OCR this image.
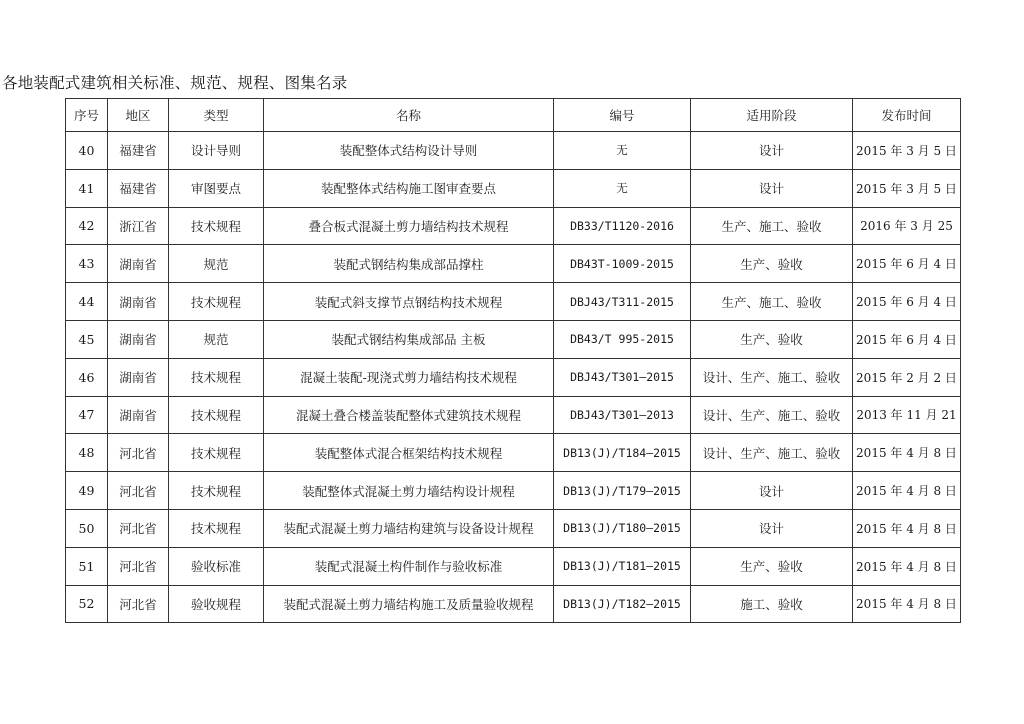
各地装配式建筑相关标准、规范、规程、图集名录
序号	地区	类型	名称	编号	适用阶段	发布时间
40	福建省	设计导则	装配整体式结构设计导则	无	设计	2015 年 3 月 5 日
41	福建省	审图要点	装配整体式结构施工图审查要点	无	设计	2015 年 3 月 5 日
42	浙江省	技术规程	叠合板式混凝土剪力墙结构技术规程	DB33/T1120-2016	生产、施工、验收	2016 年 3 月 25
43	湖南省	规范	装配式钢结构集成部品撑柱	DB43T-1009-2015	生产、验收	2015 年 6 月 4 日
44	湖南省	技术规程	装配式斜支撑节点钢结构技术规程	DBJ43/T311-2015	生产、施工、验收	2015 年 6 月 4 日
45	湖南省	规范	装配式钢结构集成部品 主板	DB43/T 995-2015	生产、验收	2015 年 6 月 4 日
46	湖南省	技术规程	混凝土装配-现浇式剪力墙结构技术规程	DBJ43/T301—2015	设计、生产、施工、验收	2015 年 2 月 2 日
47	湖南省	技术规程	混凝土叠合楼盖装配整体式建筑技术规程	DBJ43/T301—2013	设计、生产、施工、验收	2013 年 11 月 21
48	河北省	技术规程	装配整体式混合框架结构技术规程	DB13(J)/T184—2015	设计、生产、施工、验收	2015 年 4 月 8 日
49	河北省	技术规程	装配整体式混凝土剪力墙结构设计规程	DB13(J)/T179—2015	设计	2015 年 4 月 8 日
50	河北省	技术规程	装配式混凝土剪力墙结构建筑与设备设计规程	DB13(J)/T180—2015	设计	2015 年 4 月 8 日
51	河北省	验收标准	装配式混凝土构件制作与验收标准	DB13(J)/T181—2015	生产、验收	2015 年 4 月 8 日
52	河北省	验收规程	装配式混凝土剪力墙结构施工及质量验收规程	DB13(J)/T182—2015	施工、验收	2015 年 4 月 8 日
